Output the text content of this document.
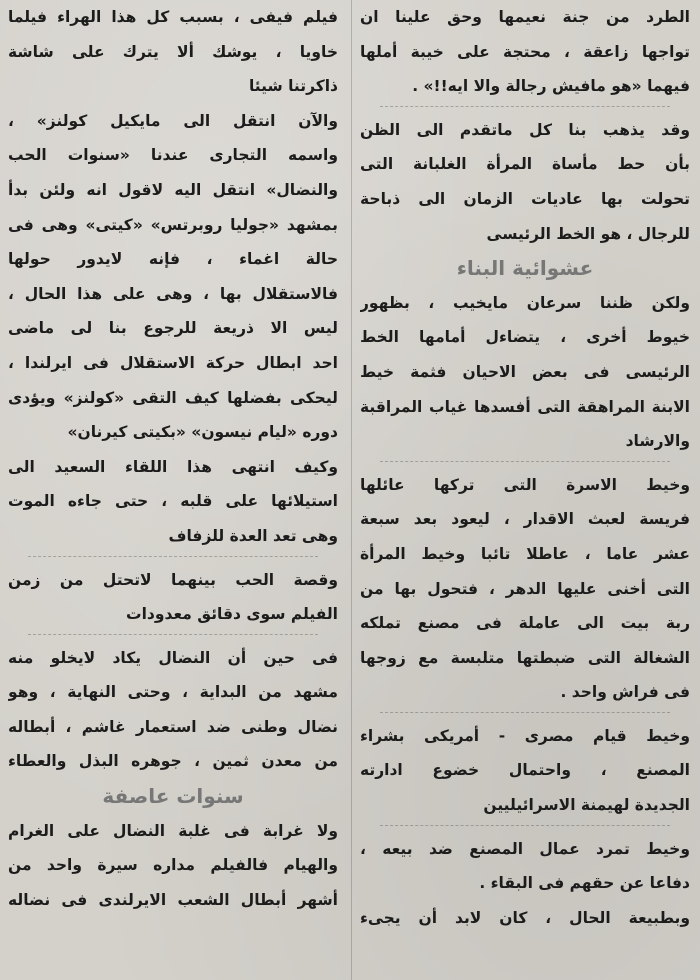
الطرد من جنة نعيمها وحق علينا ان
تواجها زاعقة ، محتجة على خيبة أملها
فيهما «هو مافيش رجالة والا ايه!!» .
وقد يذهب بنا كل ماتقدم الى الظن
بأن حط مأساة المرأة الغلبانة التى
تحولت بها عاديات الزمان الى ذباحة
للرجال ، هو الخط الرئيسى
عشوائية البناء
ولكن ظننا سرعان مايخيب ، بظهور
خيوط أخرى ، يتضاءل أمامها الخط
الرئيسى فى بعض الاحيان فثمة خيط
الابنة المراهقة التى أفسدها غياب المراقبة
والارشاد
وخيط الاسرة التى تركها عائلها
فريسة لعبث الاقدار ، ليعود بعد سبعة
عشر عاما ، عاطلا تائبا وخيط المرأة
التى أخنى عليها الدهر ، فتحول بها من
ربة بيت الى عاملة فى مصنع تملكه
الشغالة التى ضبطتها متلبسة مع زوجها
فى فراش واحد .
وخيط قيام مصرى - أمريكى بشراء
المصنع ، واحتمال خضوع ادارته
الجديدة لهيمنة الاسرائيليين
وخيط تمرد عمال المصنع ضد بيعه ،
دفاعا عن حقهم فى البقاء .
وبطبيعة الحال ، كان لابد أن يجىء
فيلم فيفى ، بسبب كل هذا الهراء فيلما
خاويا ، يوشك ألا يترك على شاشة
ذاكرتنا شيئا
والآن انتقل الى مايكيل كولنز» ،
واسمه التجارى عندنا «سنوات الحب
والنضال» انتقل اليه لاقول انه ولئن بدأ
بمشهد «جوليا روبرتس» «كيتى» وهى فى
حالة اغماء ، فإنه لايدور حولها
فالاستقلال بها ، وهى على هذا الحال ،
ليس الا ذريعة للرجوع بنا لى ماضى
احد ابطال حركة الاستقلال فى ايرلندا ،
ليحكى بفضلها كيف التقى «كولنز» ويؤدى
دوره «ليام نيسون» «بكيتى كيرنان»
وكيف انتهى هذا اللقاء السعيد الى
استيلائها على قلبه ، حتى جاءه الموت
وهى تعد العدة للزفاف
وقصة الحب بينهما لاتحتل من زمن
الفيلم سوى دقائق معدودات
فى حين أن النضال يكاد لايخلو منه
مشهد من البداية ، وحتى النهاية ، وهو
نضال وطنى ضد استعمار غاشم ، أبطاله
من معدن ثمين ، جوهره البذل والعطاء
سنوات عاصفة
ولا غرابة فى غلبة النضال على الغرام
والهيام فالفيلم مداره سيرة واحد من
أشهر أبطال الشعب الايرلندى فى نضاله
